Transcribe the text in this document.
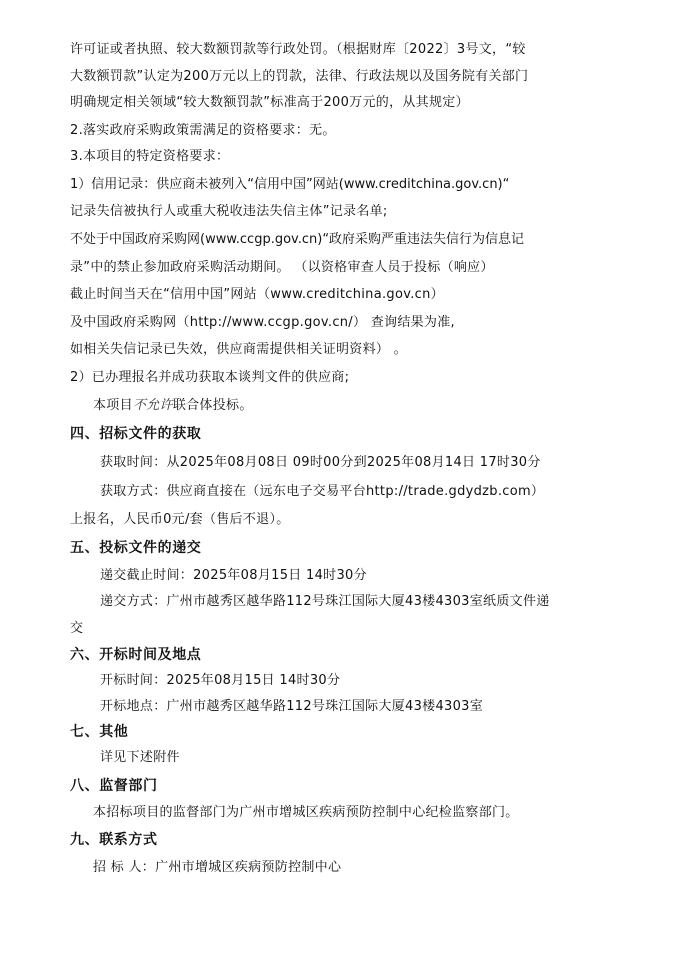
许可证或者执照、较大数额罚款等行政处罚。（根据财库〔2022〕3号文，“较
大数额罚款”认定为200万元以上的罚款，法律、行政法规以及国务院有关部门
明确规定相关领域“较大数额罚款”标准高于200万元的，从其规定）
2.落实政府采购政策需满足的资格要求：无。
3.本项目的特定资格要求：
1）信用记录：供应商未被列入“信用中国”网站(www.creditchina.gov.cn)“
记录失信被执行人或重大税收违法失信主体”记录名单;
不处于中国政府采购网(www.ccgp.gov.cn)“政府采购严重违法失信行为信息记
录”中的禁止参加政府采购活动期间。 （以资格审查人员于投标（响应）
截止时间当天在“信用中国”网站（www.creditchina.gov.cn）
及中国政府采购网（http://www.ccgp.gov.cn/） 查询结果为准,
如相关失信记录已失效，供应商需提供相关证明资料） 。
2）已办理报名并成功获取本谈判文件的供应商;
本项目不允许联合体投标。
四、招标文件的获取
获取时间：从2025年08月08日 09时00分到2025年08月14日 17时30分
获取方式：供应商直接在（远东电子交易平台http://trade.gdydzb.com）
上报名，人民币0元/套（售后不退）。
五、投标文件的递交
递交截止时间：2025年08月15日 14时30分
递交方式：广州市越秀区越华路112号珠江国际大厦43楼4303室纸质文件递
交
六、开标时间及地点
开标时间：2025年08月15日 14时30分
开标地点：广州市越秀区越华路112号珠江国际大厦43楼4303室
七、其他
详见下述附件
八、监督部门
本招标项目的监督部门为广州市增城区疾病预防控制中心纪检监察部门。
九、联系方式
招 标 人：广州市增城区疾病预防控制中心
